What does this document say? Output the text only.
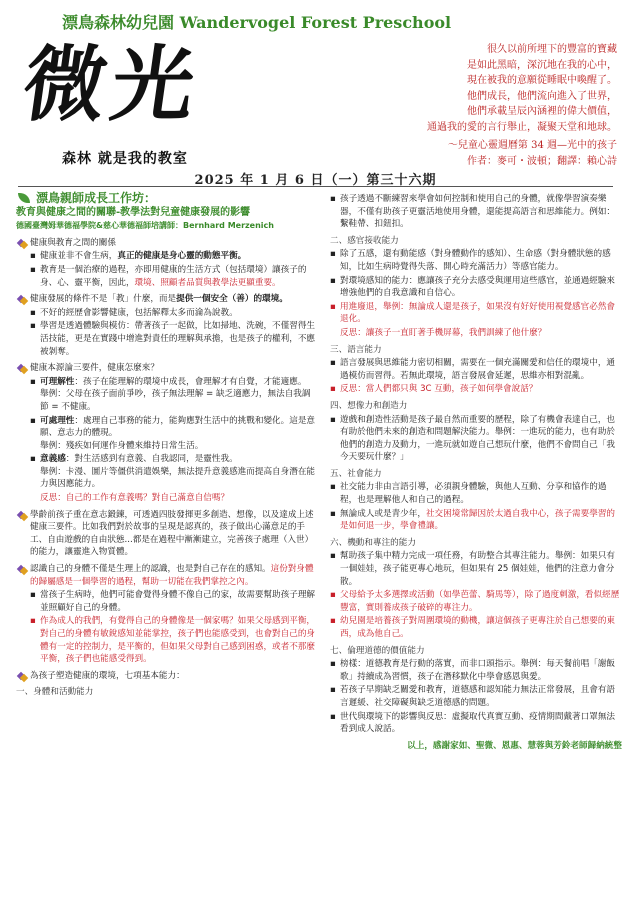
漂鳥森林幼兒園 Wandervogel Forest Preschool
微光
森林 就是我的教室
很久以前所埋下的豐富的寶藏
是如此黑暗，深沉地在我的心中，
現在被我的意願從睡眠中喚醒了。
他們成長，他們流向進入了世界，
他們承載呈辰內涵裡的偉大價值，
通過我的愛的言行舉止，凝聚天堂和地球。
～兒童心靈週曆第 34 週—光中的孩子
作者：麥可・波頓；翻譯：賴心詩
2025 年 1 月 6 日（一）第三十六期
漂鳥親師成長工作坊：
教育與健康之間的關聯-教學法對兒童健康發展的影響
德國臺灣姆華德福學院&慈心華德福師培講師：Bernhard Merzenich
健康與教育之間的關係
▪ 健康並非不會生病，真正的健康是身心靈的動態平衡。
▪ 教育是一個治療的過程，亦即用健康的生活方式（包括環境）讓孩子的身、心、靈平衡，因此，環境、照顧者品質與教學法更顯重要。
健康發展的條件不是「教」什麼，而是提供一個安全（善）的環境。
▪ 不好的經歷會影響健康，包括解釋太多而淪為說教。
▪ 學習是透過體驗與模仿：帶著孩子一起做，比如掃地、洗碗，不僅習得生活技能，更是在實踐中增進對責任的理解與承擔，也是孩子的權利，不應被剝奪。
健康本源論三要件，健康怎麼來？
▪ 可理解性：孩子在能理解的環境中成長，會理解才有自覺，才能適應。
舉例：父母在孩子面前爭吵，孩子無法理解 = 缺乏適應力，無法自我調節 = 不健康。
▪ 可處理性：處理自己事務的能力，能夠應對生活中的挑戰和變化。這是意願、意志力的體現。
舉例：殘疾如何運作身體來維持日常生活。
▪ 意義感：對生活感到有意義、自我認同，是靈性我。
舉例：卡漫、圖片等僵供消遣娛樂，無法提升意義感進而提高自身潛在能力與因應能力。
反思：自己的工作有意義嗎？對自己滿意自信嗎？
學齡前孩子重在意志鍛鍊，可透過四肢發揮更多創造、想像，以及達成上述健康三要件。比如我們對於故事的呈現是認真的，孩子做出心滿意足的手工、自由遊戲的自由狀態...都是在過程中漸漸建立，完善孩子處理（入世）的能力，讓靈進入物質體。
認識自己的身體不僅是生理上的認識，也是對自己存在的感知。這份對身體的歸屬感是一個學習的過程，幫助一切能在我們掌控之內。
▪ 當孩子生病時，他們可能會覺得身體不像自己的家，故需要幫助孩子理解並照顧好自己的身體。
▪ 作為成人的我們，有覺得自己的身體像是一個家嗎？如果父母感到平衡，對自己的身體有敏銳感知並能掌控，孩子們也能感受到，也會對自己的身體有一定的控制力，是平衡的，但如果父母對自己感到困惑，或者不那麼平衡，孩子們也能感受得到。
為孩子塑造健康的環境，七項基本能力：
一、身體和活動能力
▪ 孩子透過不斷練習來學會如何控制和使用自己的身體，就像學習演奏樂器，不僅有助孩子更靈活地使用身體，還能提高語言和思維能力。例如：繫鞋帶、扣鈕扣。
二、感官接收能力
▪ 除了五感，還有動能感（對身體動作的感知）、生命感（對身體狀態的感知，比如生病時覺得失落、開心時充滿活力）等感官能力。
▪ 對環境感知的能力：應讓孩子充分去感受與運用這些感官，並通過經驗來增強他們的自我意識和自信心。
▪ 用進廢退，舉例：無論成人還是孩子，如果沒有好好使用視覺感官必然會退化。
反思：讓孩子一直盯著手機屏幕，我們訓練了他什麼？
三、語言能力
▪ 語言發展與思維能力密切相關，需要在一個充滿關愛和信任的環境中，通過模仿而習得。若無此環境，語言發展會延遲，思維亦相對混亂。
▪ 反思：當人們都只與 3C 互動，孩子如何學會說話？
四、想像力和創造力
▪ 遊戲和創造性活動是孩子最自然而重要的歷程，除了有機會表達自己，也有助於他們未來的創造和問題解決能力。舉例：一進玩的能力，也有助於他們的創造力及動力，一進玩就如遊自己想玩什麼，他們不會問自己「我今天要玩什麼？」
五、社會能力
▪ 社交能力非由言語引導，必須親身體驗，與他人互動、分享和協作的過程，也是理解他人和自己的過程。
▪ 無論成人或是青少年，社交困境常歸因於太過自我中心，孩子需要學習的是如何退一步，學會禮讓。
六、機動和專注的能力
▪ 幫助孩子集中精力完成一項任務，有助整合其專注能力。舉例：如果只有一個娃娃，孩子能更專心地玩，但如果有 25 個娃娃，他們的注意力會分散。
▪ 父母給予太多選擇或活動（如學芭蕾、騎馬等），除了過度刺激，看似經歷豐富，實則養成孩子破碎的專注力。
▪ 幼兒園是培養孩子對周圍環境的動機，讓這個孩子更專注於自己想要的東西，成為他自己。
七、倫理道德的價值能力
▪ 榜樣：道德教育是行動的落實，而非口頭指示。舉例：每天餐前唱「謝飯歌」持續成為習慣，孩子在潛移默化中學會感恩與愛。
▪ 若孩子早期缺乏關愛和教育，道德感和認知能力無法正常發展，且會有語言遲緩、社交障礙與缺乏道德感的問題。
▪ 世代與環境下的影響與反思：虛擬取代真實互動、疫情期間戴著口罩無法看到成人說話。
以上，感謝家如、聖微、恩惠、慧蓉與芳鈴老師歸納統整
